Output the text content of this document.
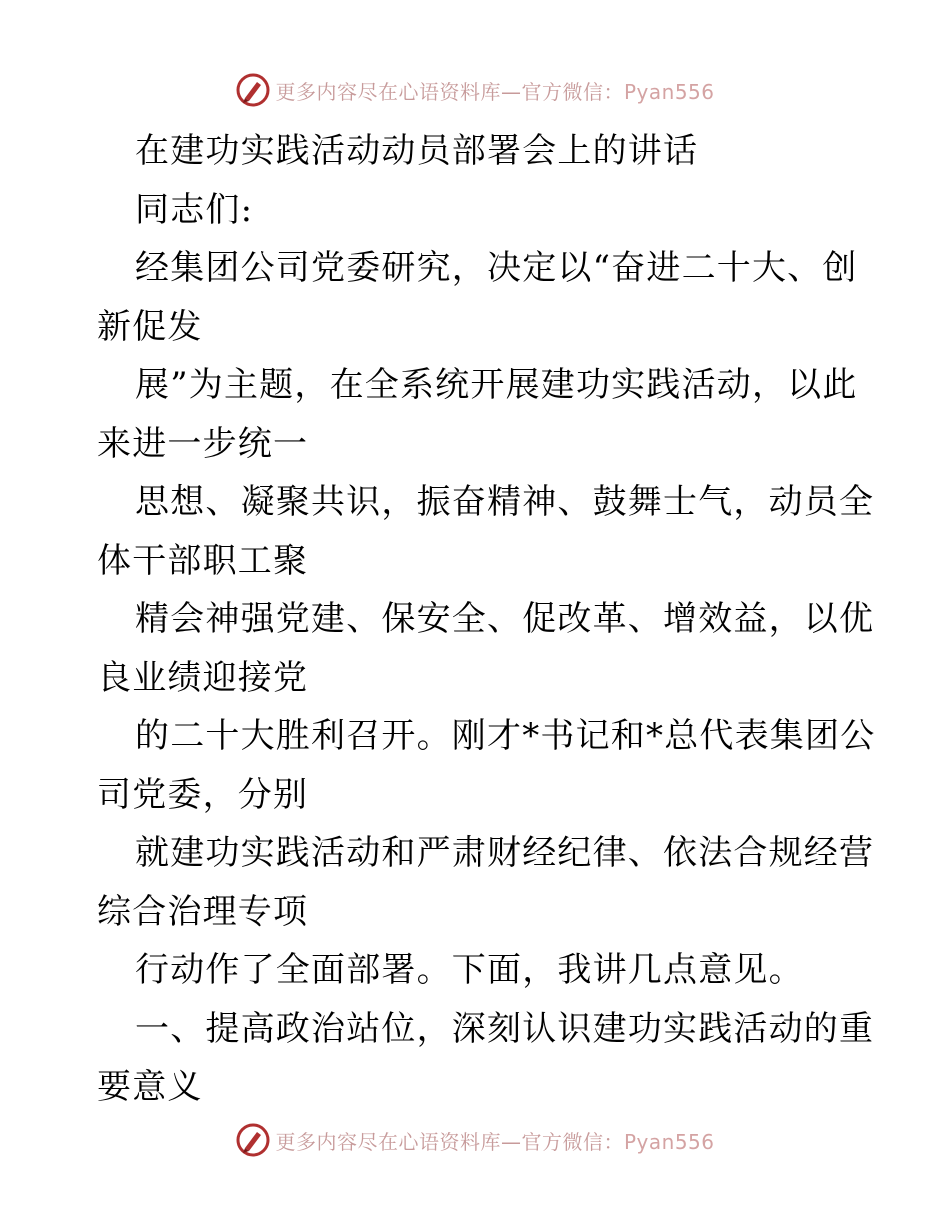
更多内容尽在心语资料库—官方微信：Pyan556
在建功实践活动动员部署会上的讲话
同志们:
经集团公司党委研究，决定以“奋进二十大、创
新促发
展”为主题，在全系统开展建功实践活动，以此
来进一步统一
思想、凝聚共识，振奋精神、鼓舞士气，动员全
体干部职工聚
精会神强党建、保安全、促改革、增效益，以优
良业绩迎接党
的二十大胜利召开。刚才*书记和*总代表集团公
司党委，分别
就建功实践活动和严肃财经纪律、依法合规经营
综合治理专项
行动作了全面部署。下面，我讲几点意见。
一、提高政治站位，深刻认识建功实践活动的重
要意义
更多内容尽在心语资料库—官方微信：Pyan556
